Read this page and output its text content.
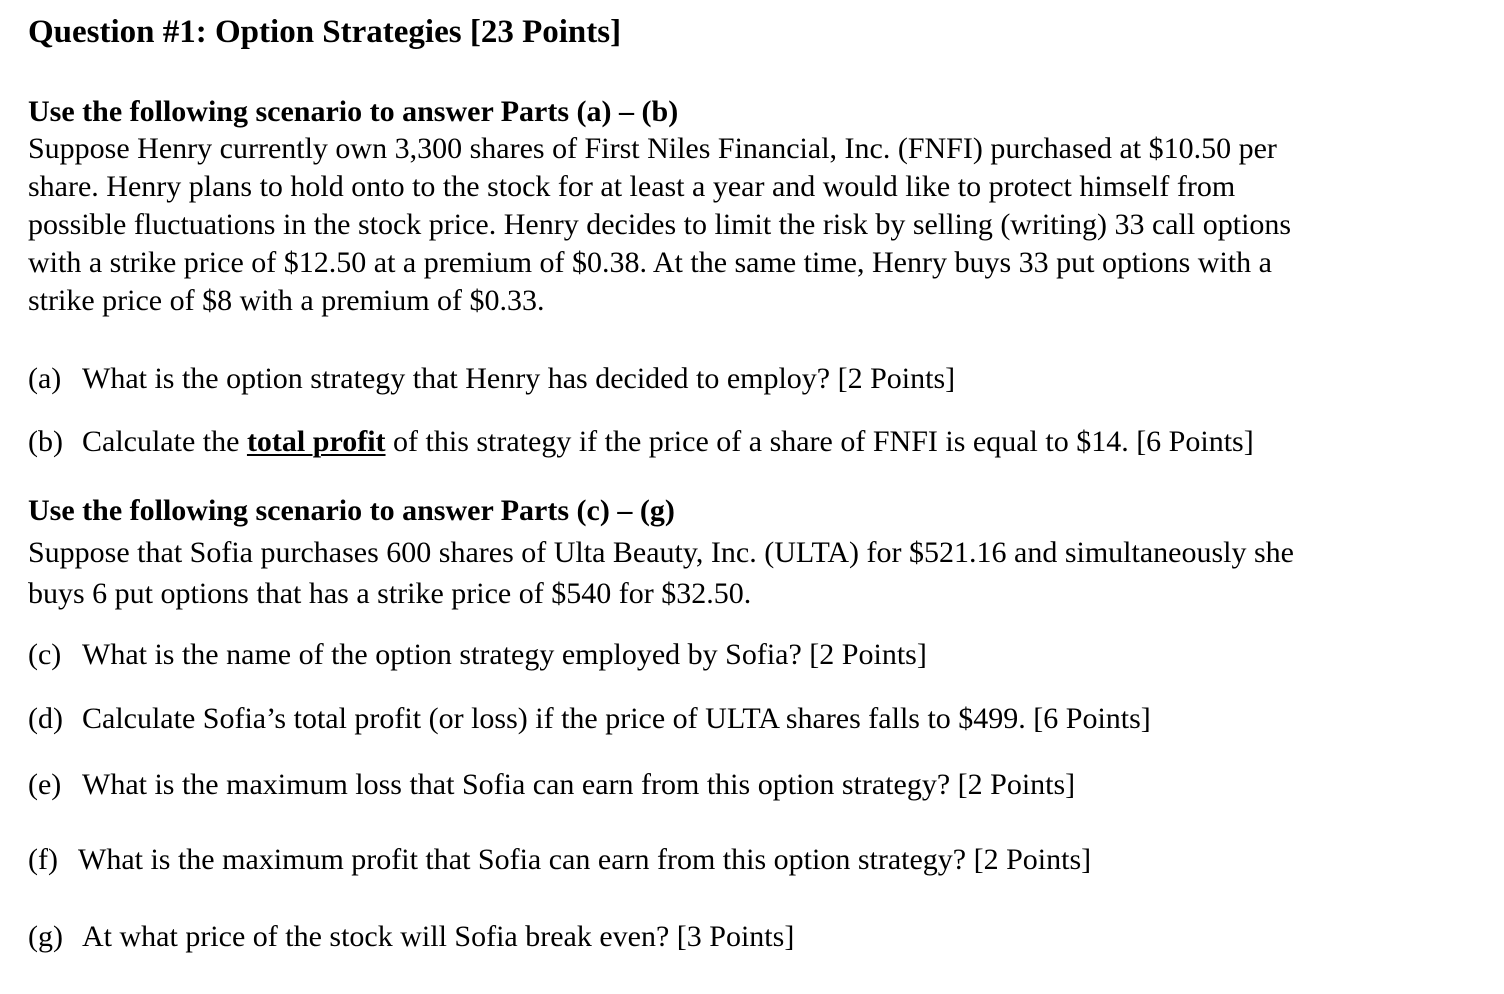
Question #1: Option Strategies [23 Points]
Use the following scenario to answer Parts (a) – (b)

Suppose Henry currently own 3,300 shares of First Niles Financial, Inc. (FNFI) purchased at $10.50 per
share. Henry plans to hold onto to the stock for at least a year and would like to protect himself from
possible fluctuations in the stock price. Henry decides to limit the risk by selling (writing) 33 call options
with a strike price of $12.50 at a premium of $0.38. At the same time, Henry buys 33 put options with a
strike price of $8 with a premium of $0.33.

(a) What is the option strategy that Henry has decided to employ? [2 Points]

(b) Calculate the total profit of this strategy if the price of a share of FNFI is equal to $14. [6 Points]

Use the following scenario to answer Parts (c) – (g)

Suppose that Sofia purchases 600 shares of Ulta Beauty, Inc. (ULTA) for $521.16 and simultaneously she
buys 6 put options that has a strike price of $540 for $32.50.

(c) What is the name of the option strategy employed by Sofia? [2 Points]

(d) Calculate Sofia’s total profit (or loss) if the price of ULTA shares falls to $499. [6 Points]

(e) What is the maximum loss that Sofia can earn from this option strategy? [2 Points]

(f) What is the maximum profit that Sofia can earn from this option strategy? [2 Points]

(g) At what price of the stock will Sofia break even? [3 Points]
